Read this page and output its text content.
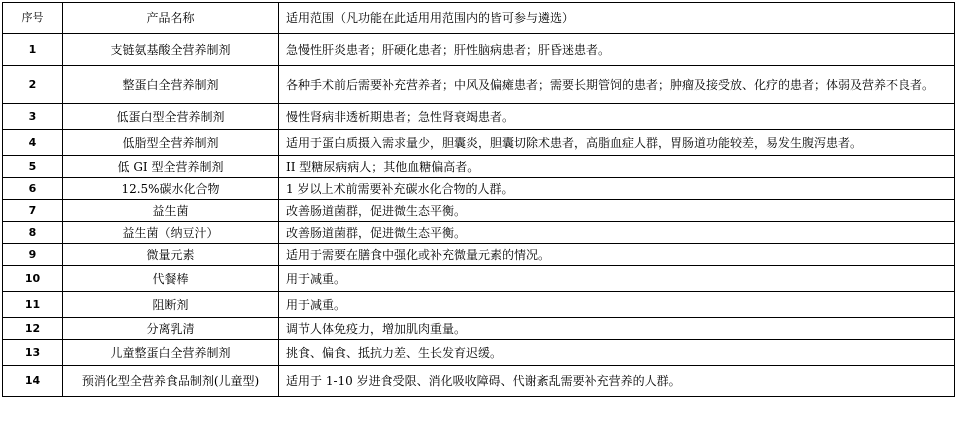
序号	产品名称	适用范围（凡功能在此适用用范围内的皆可参与遴选）
1	支链氨基酸全营养制剂	急慢性肝炎患者；肝硬化患者；肝性脑病患者；肝昏迷患者。
2	整蛋白全营养制剂	各种手术前后需要补充营养者；中风及偏瘫患者；需要长期管饲的患者；肿瘤及接受放、化疗的患者；体弱及营养不良者。
3	低蛋白型全营养制剂	慢性肾病非透析期患者；急性肾衰竭患者。
4	低脂型全营养制剂	适用于蛋白质摄入需求量少，胆囊炎，胆囊切除术患者，高脂血症人群，胃肠道功能较差，易发生腹泻患者。
5	低 GI 型全营养制剂	II 型糖尿病病人；其他血糖偏高者。
6	12.5%碳水化合物	1 岁以上术前需要补充碳水化合物的人群。
7	益生菌	改善肠道菌群，促进微生态平衡。
8	益生菌（纳豆汁）	改善肠道菌群，促进微生态平衡。
9	微量元素	适用于需要在膳食中强化或补充微量元素的情况。
10	代餐棒	用于减重。
11	阻断剂	用于减重。
12	分离乳清	调节人体免疫力，增加肌肉重量。
13	儿童整蛋白全营养制剂	挑食、偏食、抵抗力差、生长发育迟缓。
14	预消化型全营养食品制剂(儿童型)	适用于 1-10 岁进食受限、消化吸收障碍、代谢紊乱需要补充营养的人群。
